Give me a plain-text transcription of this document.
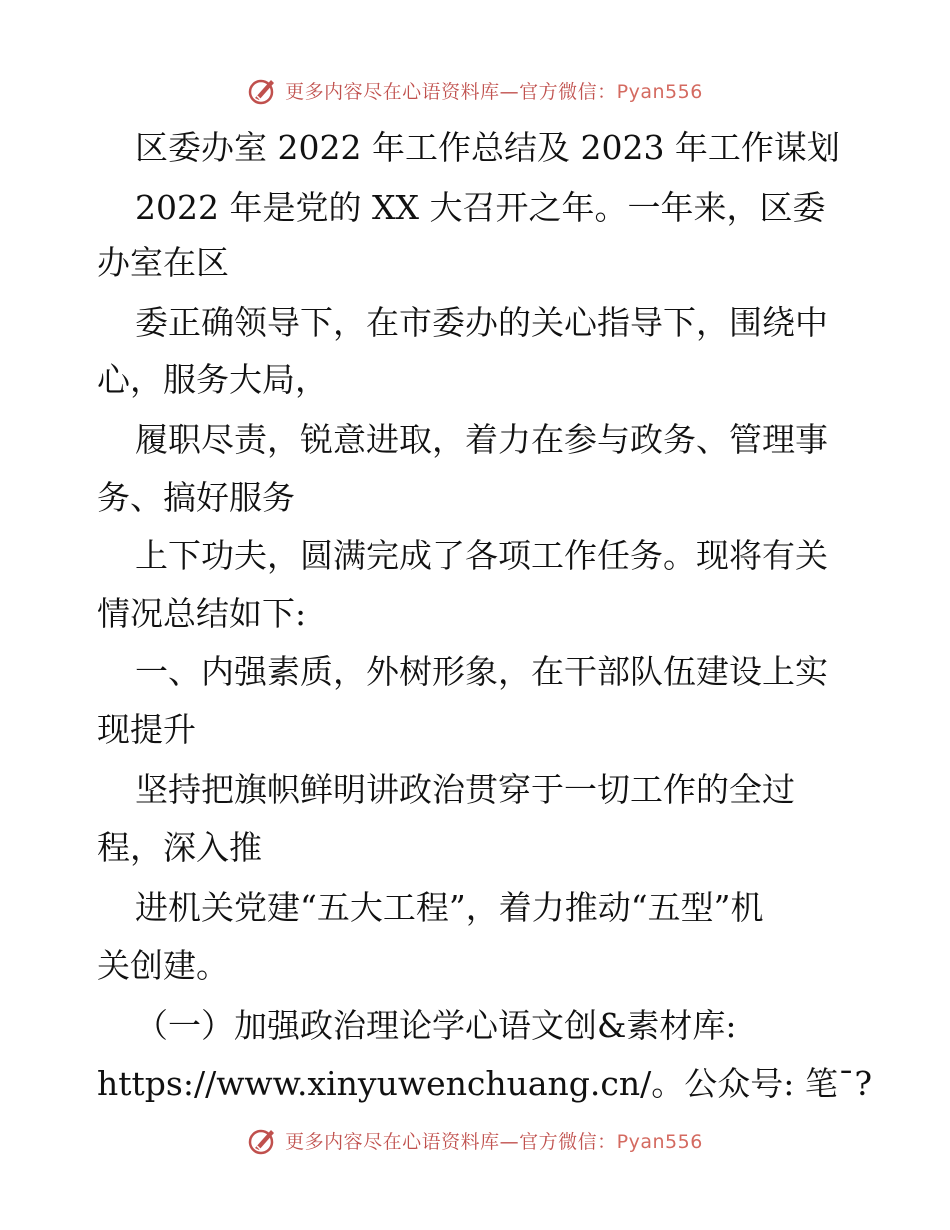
更多内容尽在心语资料库—官方微信：Pyan556
区委办室 2022 年工作总结及 2023 年工作谋划
2022 年是党的 XX 大召开之年。一年来，区委
办室在区
委正确领导下，在市委办的关心指导下，围绕中
心，服务大局，
履职尽责，锐意进取，着力在参与政务、管理事
务、搞好服务
上下功夫，圆满完成了各项工作任务。现将有关
情况总结如下:
一、内强素质，外树形象，在干部队伍建设上实
现提升
坚持把旗帜鲜明讲政治贯穿于一切工作的全过
程，深入推
进机关党建“五大工程”，着力推动“五型”机
关创建。
（一）加强政治理论学心语文创&素材库:
https://www.xinyuwenchuang.cn/。公众号: 笔¯?
更多内容尽在心语资料库—官方微信：Pyan556
